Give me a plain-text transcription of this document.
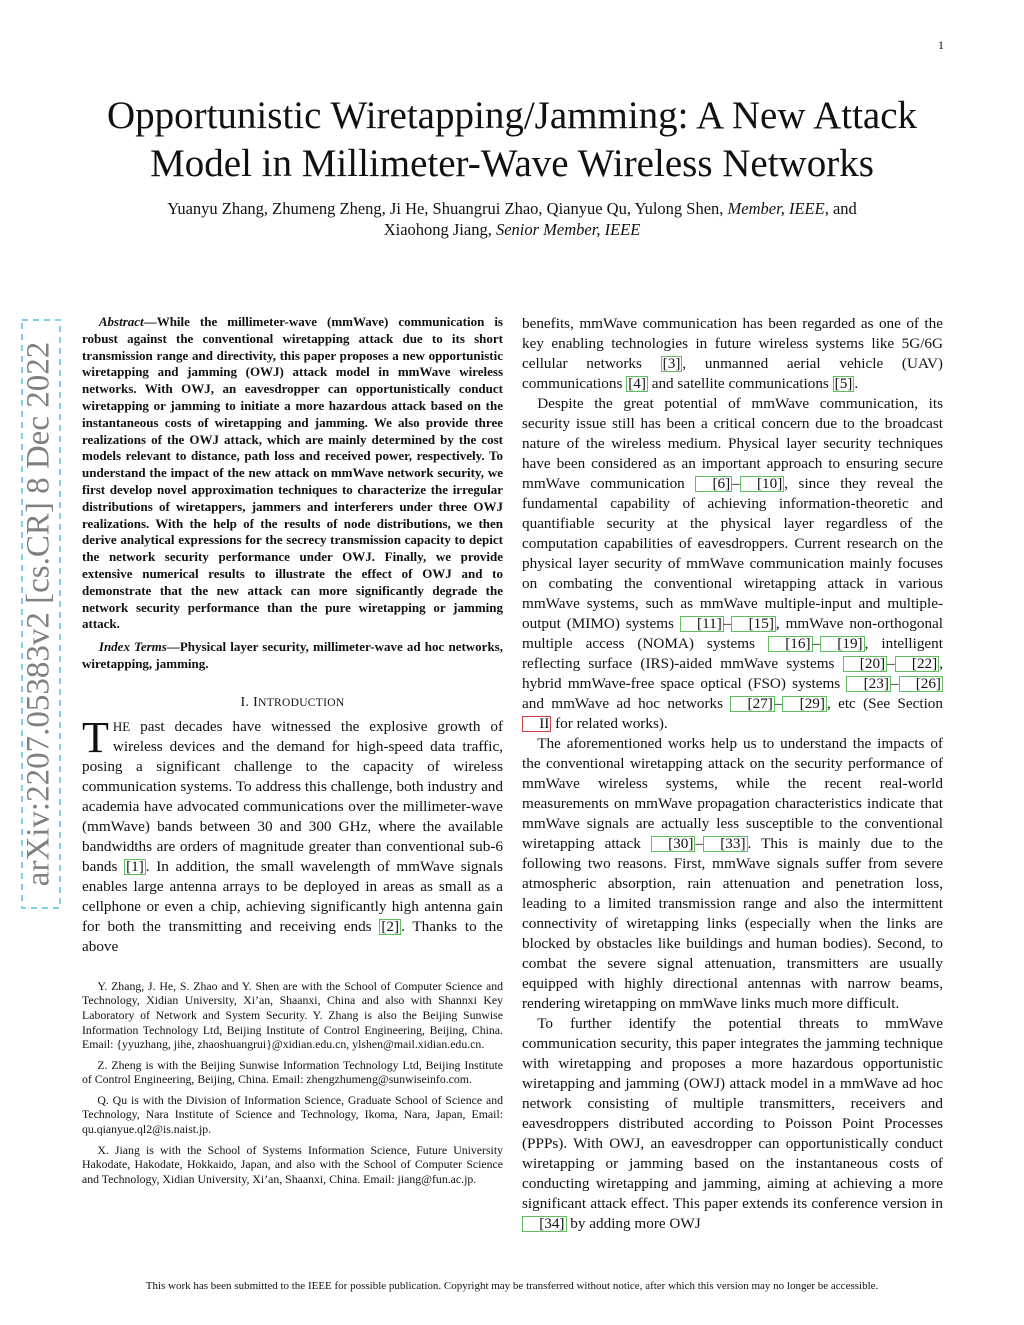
1
arXiv:2207.05383v2 [cs.CR] 8 Dec 2022
Opportunistic Wiretapping/Jamming: A New Attack
Model in Millimeter-Wave Wireless Networks
Yuanyu Zhang, Zhumeng Zheng, Ji He, Shuangrui Zhao, Qianyue Qu, Yulong Shen, Member, IEEE, and
Xiaohong Jiang, Senior Member, IEEE

Abstract—While the millimeter-wave (mmWave) communication is robust against the conventional wiretapping attack due to its short transmission range and directivity, this paper proposes a new opportunistic wiretapping and jamming (OWJ) attack model in mmWave wireless networks. With OWJ, an eavesdropper can opportunistically conduct wiretapping or jamming to initiate a more hazardous attack based on the instantaneous costs of wiretapping and jamming. We also provide three realizations of the OWJ attack, which are mainly determined by the cost models relevant to distance, path loss and received power, respectively. To understand the impact of the new attack on mmWave network security, we first develop novel approximation techniques to characterize the irregular distributions of wiretappers, jammers and interferers under three OWJ realizations. With the help of the results of node distributions, we then derive analytical expressions for the secrecy transmission capacity to depict the network security performance under OWJ. Finally, we provide extensive numerical results to illustrate the effect of OWJ and to demonstrate that the new attack can more significantly degrade the network security performance than the pure wiretapping or jamming attack.

Index Terms—Physical layer security, millimeter-wave ad hoc networks, wiretapping, jamming.

I. INTRODUCTION

THE past decades have witnessed the explosive growth of wireless devices and the demand for high-speed data traffic, posing a significant challenge to the capacity of wireless communication systems. To address this challenge, both industry and academia have advocated communications over the millimeter-wave (mmWave) bands between 30 and 300 GHz, where the available bandwidths are orders of magnitude greater than conventional sub-6 bands [1] . In addition, the small wavelength of mmWave signals enables large antenna arrays to be deployed in areas as small as a cellphone or even a chip, achieving significantly high antenna gain for both the transmitting and receiving ends [2] . Thanks to the above

Y. Zhang, J. He, S. Zhao and Y. Shen are with the School of Computer Science and Technology, Xidian University, Xi’an, Shaanxi, China and also with Shannxi Key Laboratory of Network and System Security. Y. Zhang is also the Beijing Sunwise Information Technology Ltd, Beijing Institute of Control Engineering, Beijing, China. Email: {yyuzhang, jihe, zhaoshuangrui}@xidian.edu.cn, ylshen@mail.xidian.edu.cn.

Z. Zheng is with the Beijing Sunwise Information Technology Ltd, Beijing Institute of Control Engineering, Beijing, China. Email: zhengzhumeng@sunwiseinfo.com.

Q. Qu is with the Division of Information Science, Graduate School of Science and Technology, Nara Institute of Science and Technology, Ikoma, Nara, Japan, Email: qu.qianyue.ql2@is.naist.jp.

X. Jiang is with the School of Systems Information Science, Future University Hakodate, Hakodate, Hokkaido, Japan, and also with the School of Computer Science and Technology, Xidian University, Xi’an, Shaanxi, China. Email: jiang@fun.ac.jp.

benefits, mmWave communication has been regarded as one of the key enabling technologies in future wireless systems like 5G/6G cellular networks [3] , unmanned aerial vehicle (UAV) communications [4] and satellite communications [5] .

Despite the great potential of mmWave communication, its security issue still has been a critical concern due to the broadcast nature of the wireless medium. Physical layer security techniques have been considered as an important approach to ensuring secure mmWave communication [6] – [10] , since they reveal the fundamental capability of achieving information-theoretic and quantifiable security at the physical layer regardless of the computation capabilities of eavesdroppers. Current research on the physical layer security of mmWave communication mainly focuses on combating the conventional wiretapping attack in various mmWave systems, such as mmWave multiple-input and multiple-output (MIMO) systems [11] – [15] , mmWave non-orthogonal multiple access (NOMA) systems [16] – [19] , intelligent reflecting surface (IRS)-aided mmWave systems [20] – [22] , hybrid mmWave-free space optical (FSO) systems [23] – [26] and mmWave ad hoc networks [27] – [29] , etc (See Section II for related works).

The aforementioned works help us to understand the impacts of the conventional wiretapping attack on the security performance of mmWave wireless systems, while the recent real-world measurements on mmWave propagation characteristics indicate that mmWave signals are actually less susceptible to the conventional wiretapping attack [30] – [33] . This is mainly due to the following two reasons. First, mmWave signals suffer from severe atmospheric absorption, rain attenuation and penetration loss, leading to a limited transmission range and also the intermittent connectivity of wiretapping links (especially when the links are blocked by obstacles like buildings and human bodies). Second, to combat the severe signal attenuation, transmitters are usually equipped with highly directional antennas with narrow beams, rendering wiretapping on mmWave links much more difficult.

To further identify the potential threats to mmWave communication security, this paper integrates the jamming technique with wiretapping and proposes a more hazardous opportunistic wiretapping and jamming (OWJ) attack model in a mmWave ad hoc network consisting of multiple transmitters, receivers and eavesdroppers distributed according to Poisson Point Processes (PPPs). With OWJ, an eavesdropper can opportunistically conduct wiretapping or jamming based on the instantaneous costs of conducting wiretapping and jamming, aiming at achieving a more significant attack effect. This paper extends its conference version in [34] by adding more OWJ

This work has been submitted to the IEEE for possible publication. Copyright may be transferred without notice, after which this version may no longer be accessible.
